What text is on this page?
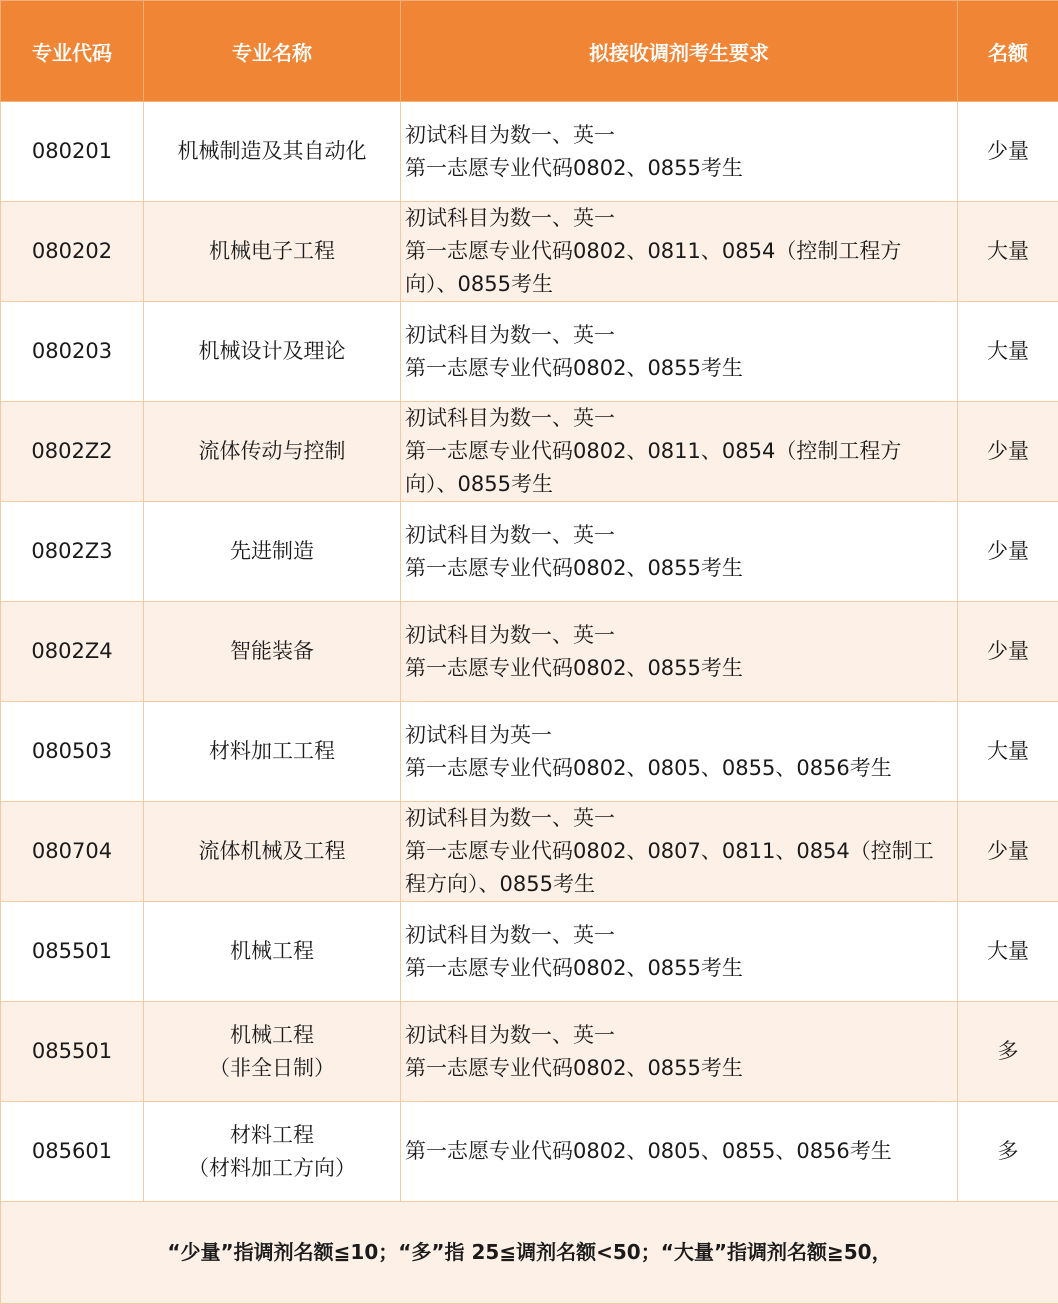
专业代码	专业名称	拟接收调剂考生要求	名额
080201	机械制造及其自动化	初试科目为数一、英一
第一志愿专业代码0802、0855考生	少量
080202	机械电子工程	初试科目为数一、英一
第一志愿专业代码0802、0811、0854（控制工程方
向）、0855考生	大量
080203	机械设计及理论	初试科目为数一、英一
第一志愿专业代码0802、0855考生	大量
0802Z2	流体传动与控制	初试科目为数一、英一
第一志愿专业代码0802、0811、0854（控制工程方
向）、0855考生	少量
0802Z3	先进制造	初试科目为数一、英一
第一志愿专业代码0802、0855考生	少量
0802Z4	智能装备	初试科目为数一、英一
第一志愿专业代码0802、0855考生	少量
080503	材料加工工程	初试科目为英一
第一志愿专业代码0802、0805、0855、0856考生	大量
080704	流体机械及工程	初试科目为数一、英一
第一志愿专业代码0802、0807、0811、0854（控制工
程方向）、0855考生	少量
085501	机械工程	初试科目为数一、英一
第一志愿专业代码0802、0855考生	大量
085501	机械工程
（非全日制）	初试科目为数一、英一
第一志愿专业代码0802、0855考生	多
085601	材料工程
（材料加工方向）	第一志愿专业代码0802、0805、0855、0856考生	多
“少量”指调剂名额≦10；“多”指 25≦调剂名额<50；“大量”指调剂名额≧50，			
